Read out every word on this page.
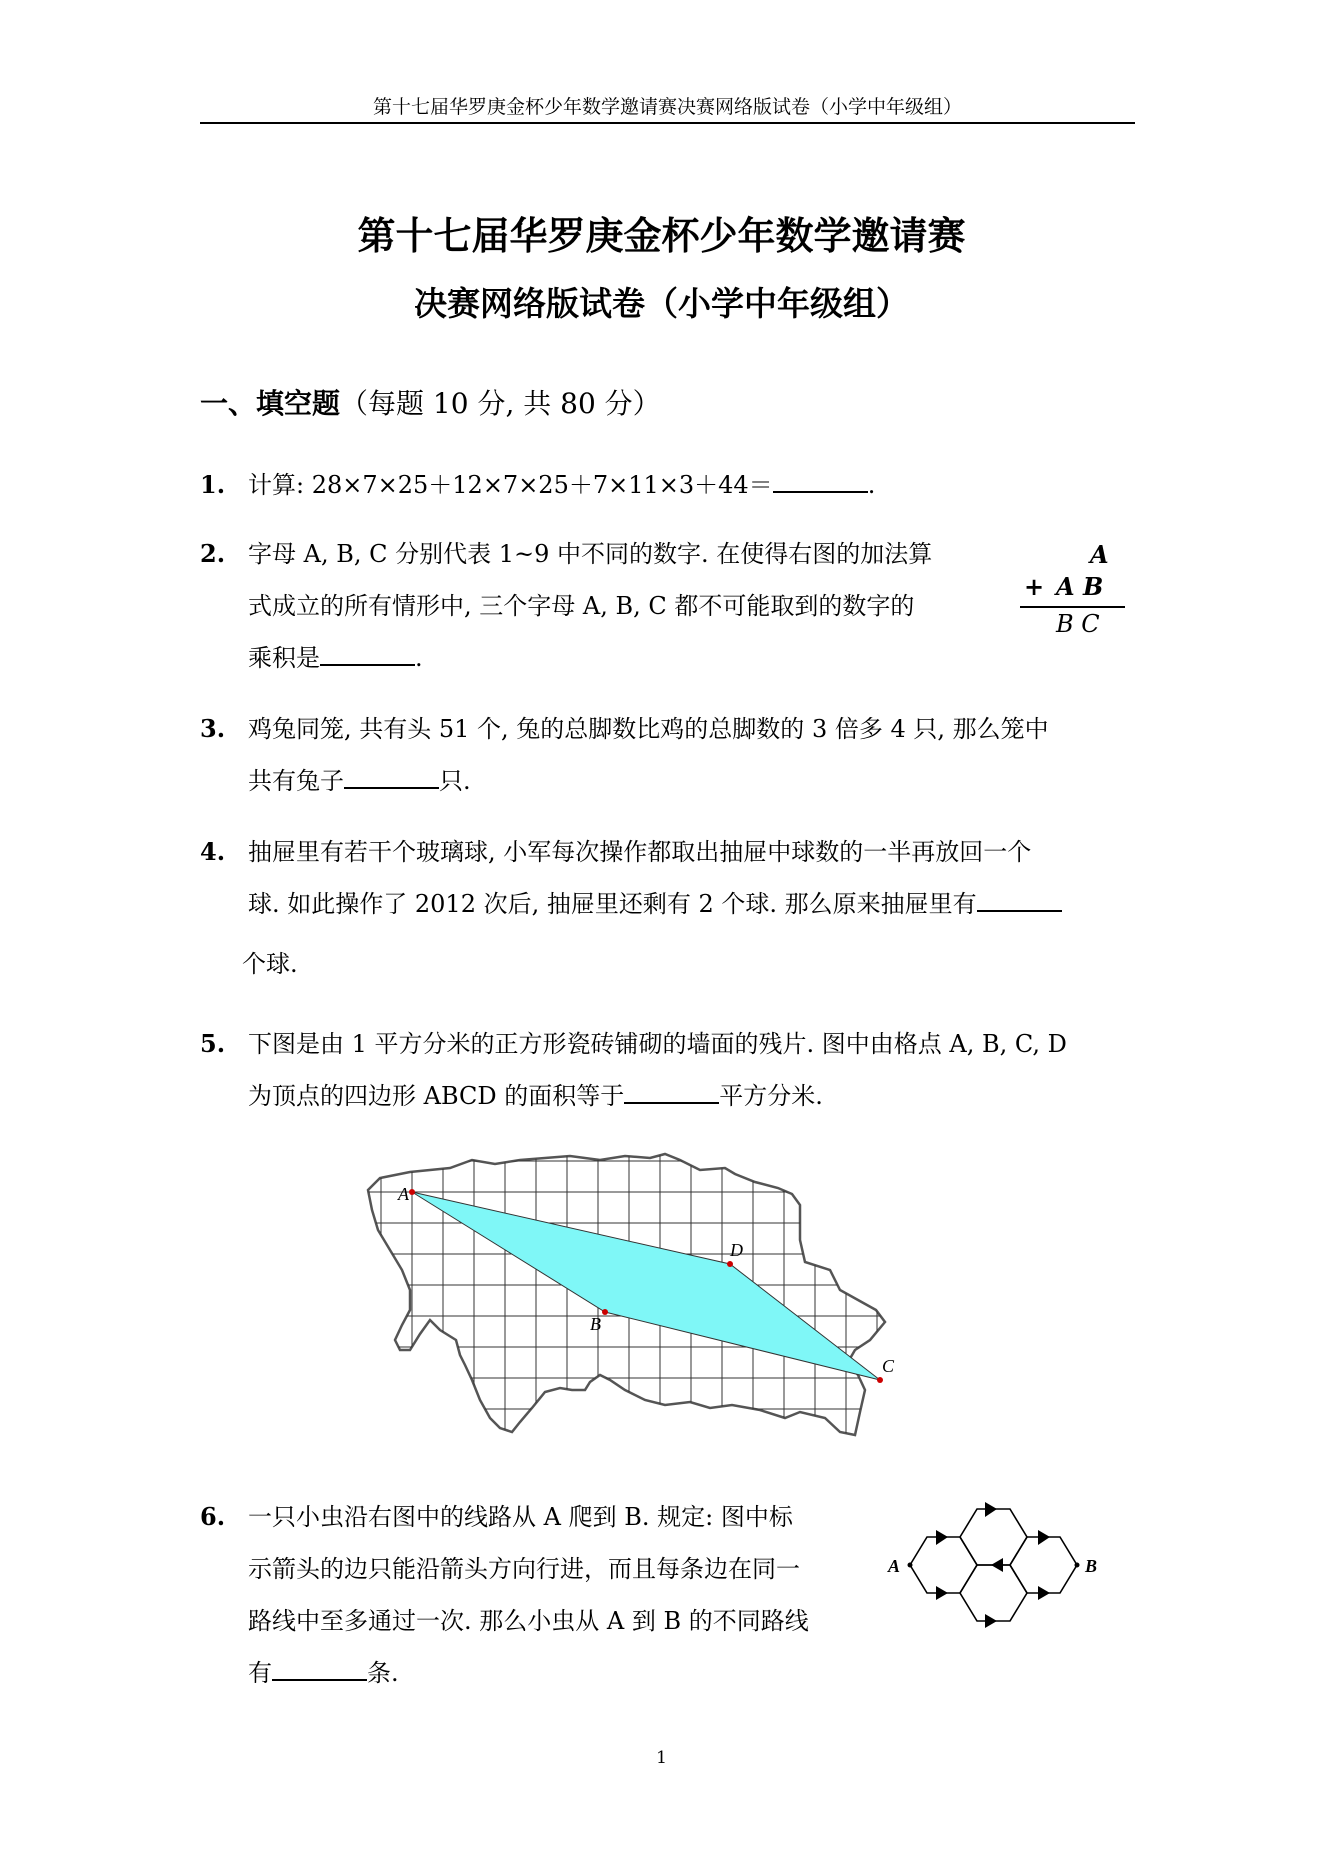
第十七届华罗庚金杯少年数学邀请赛决赛网络版试卷（小学中年级组）
第十七届华罗庚金杯少年数学邀请赛
决赛网络版试卷（小学中年级组）
一、填空题（每题 10 分, 共 80 分）
1. 计算: 28×7×25＋12×7×25＋7×11×3＋44＝	.
2. 字母 A, B, C 分别代表 1~9 中不同的数字. 在使得右图的加法算
式成立的所有情形中, 三个字母 A, B, C 都不可能取到的数字的
乘积是	.
A
+ A B
B C
3. 鸡兔同笼, 共有头 51 个, 兔的总脚数比鸡的总脚数的 3 倍多 4 只, 那么笼中
共有兔子	只.
4. 抽屉里有若干个玻璃球, 小军每次操作都取出抽屉中球数的一半再放回一个
球. 如此操作了 2012 次后, 抽屉里还剩有 2 个球. 那么原来抽屉里有
个球.
5. 下图是由 1 平方分米的正方形瓷砖铺砌的墙面的残片. 图中由格点 A, B, C, D
为顶点的四边形 ABCD 的面积等于	平方分米.
A
B
C
D
6. 一只小虫沿右图中的线路从 A 爬到 B. 规定: 图中标
示箭头的边只能沿箭头方向行进，而且每条边在同一
路线中至多通过一次. 那么小虫从 A 到 B 的不同路线
有	条.
A	B
1
